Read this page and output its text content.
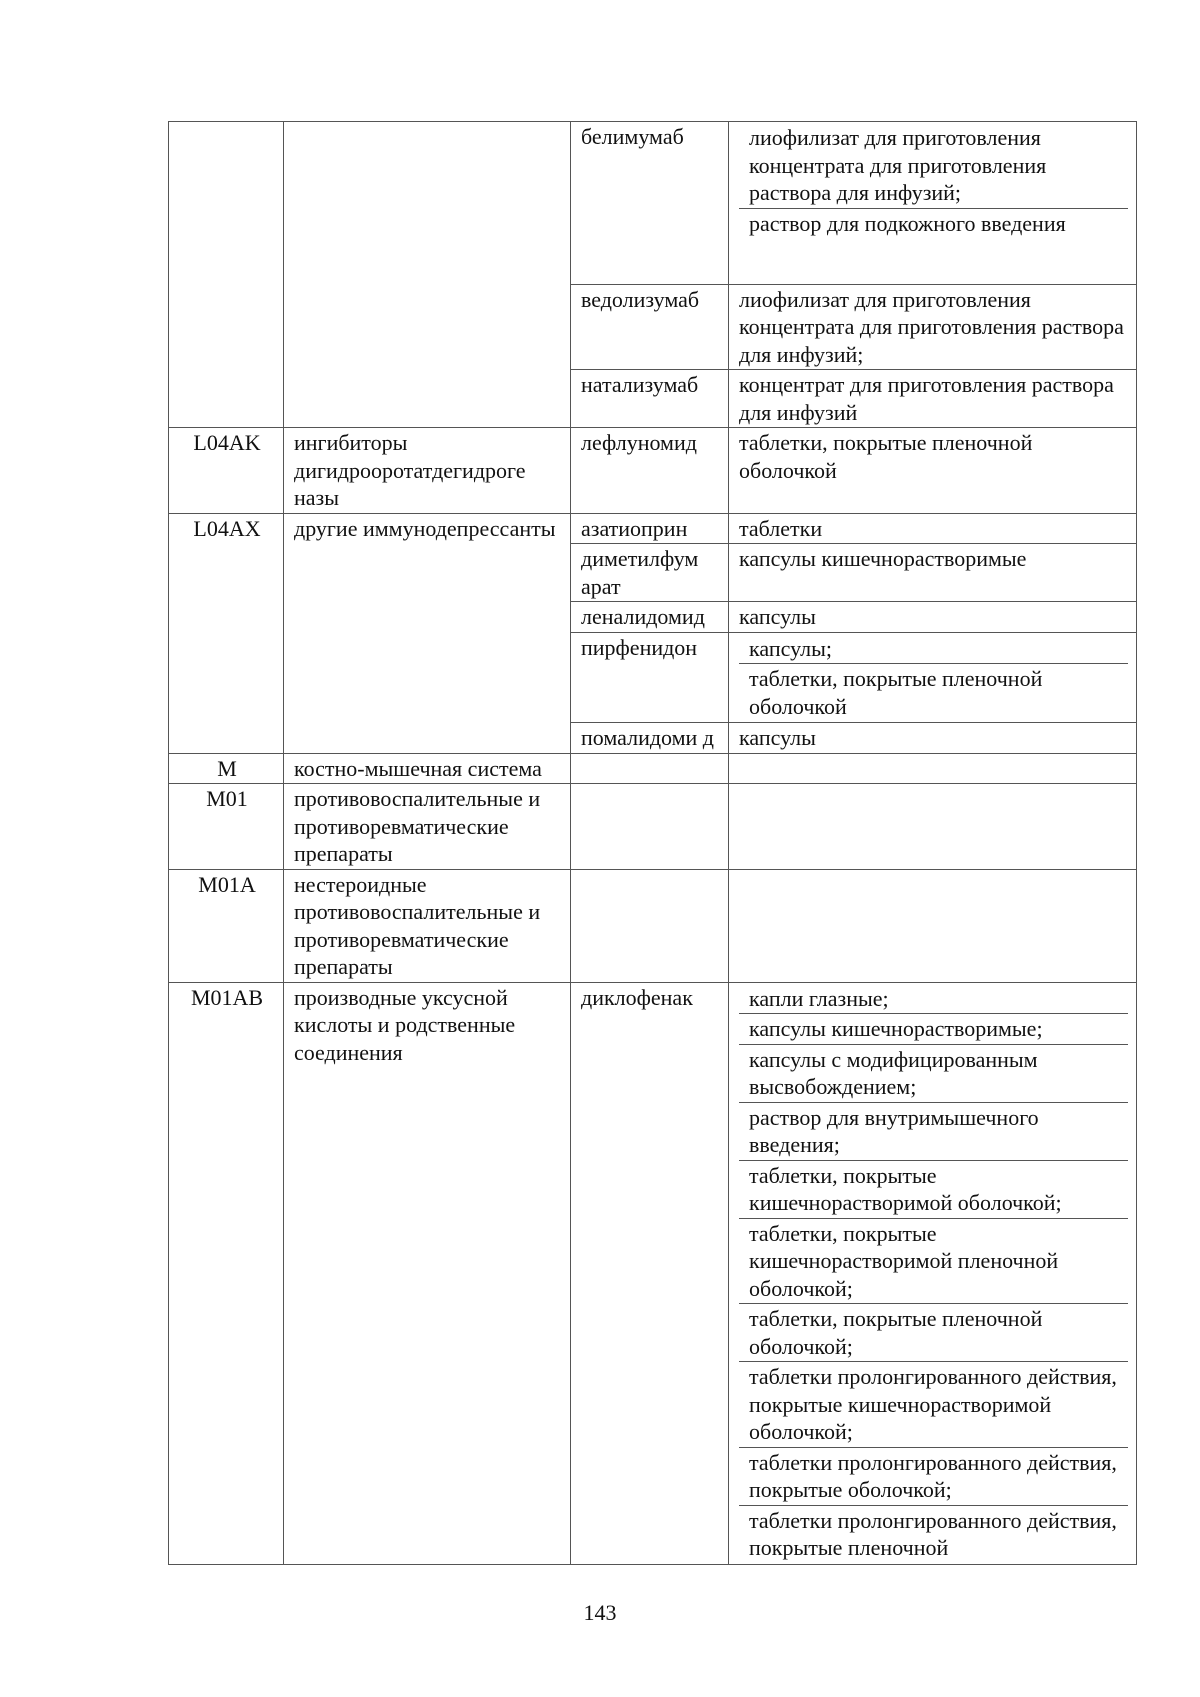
		белимумаб		лиофилизат для приготовления концентрата для приготовления раствора для инфузий;
раствор для подкожного введения

ведолизумаб	лиофилизат для приготовления концентрата для приготовления раствора для инфузий;
натализумаб	концентрат для приготовления раствора для инфузий
L04AK	ингибиторы дигидрооротатдегидроге назы	лефлуномид	таблетки, покрытые пленочной оболочкой
L04AX	другие иммунодепрессанты	азатиоприн	таблетки
диметилфум арат	капсулы кишечнорастворимые
леналидомид	капсулы
пирфенидон	капсулы;
таблетки, покрытые пленочной оболочкой

помалидоми д	капсулы
M	костно-мышечная система		
M01	противовоспалительные и противоревматические препараты		
M01A	нестероидные противовоспалительные и противоревматические препараты		
M01AB	производные уксусной кислоты и родственные соединения	диклофенак		капли глазные;
капсулы кишечнорастворимые;
капсулы с модифицированным высвобождением;
раствор для внутримышечного введения;
таблетки, покрытые кишечнорастворимой оболочкой;
таблетки, покрытые кишечнорастворимой пленочной оболочкой;
таблетки, покрытые пленочной оболочкой;
таблетки пролонгированного действия, покрытые кишечнорастворимой оболочкой;
таблетки пролонгированного действия, покрытые оболочкой;
таблетки пролонгированного действия, покрытые пленочной
143
